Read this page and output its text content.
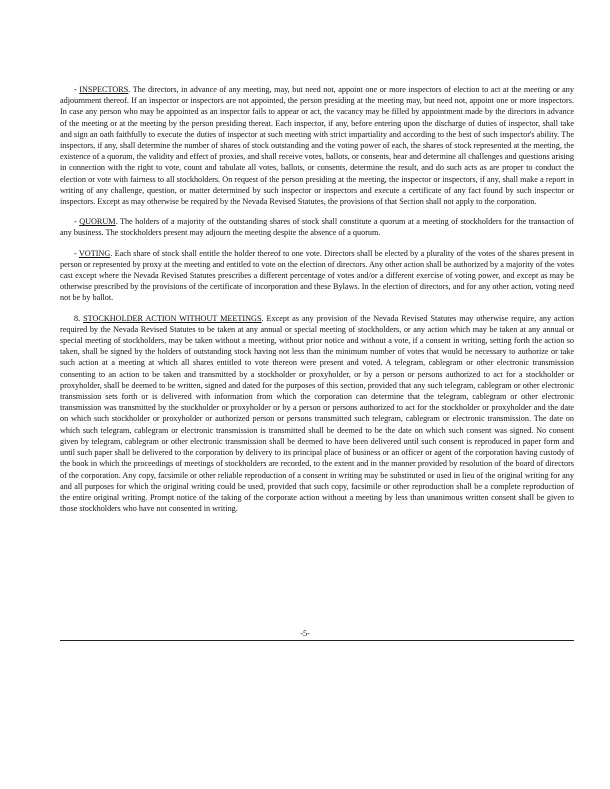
- INSPECTORS. The directors, in advance of any meeting, may, but need not, appoint one or more inspectors of election to act at the meeting or any adjournment thereof. If an inspector or inspectors are not appointed, the person presiding at the meeting may, but need not, appoint one or more inspectors. In case any person who may be appointed as an inspector fails to appear or act, the vacancy may be filled by appointment made by the directors in advance of the meeting or at the meeting by the person presiding thereat. Each inspector, if any, before entering upon the discharge of duties of inspector, shall take and sign an oath faithfully to execute the duties of inspector at such meeting with strict impartiality and according to the best of such inspector's ability. The inspectors, if any, shall determine the number of shares of stock outstanding and the voting power of each, the shares of stock represented at the meeting, the existence of a quorum, the validity and effect of proxies, and shall receive votes, ballots, or consents, hear and determine all challenges and questions arising in connection with the right to vote, count and tabulate all votes, ballots, or consents, determine the result, and do such acts as are proper to conduct the election or vote with fairness to all stockholders. On request of the person presiding at the meeting, the inspector or inspectors, if any, shall make a report in writing of any challenge, question, or matter determined by such inspector or inspectors and execute a certificate of any fact found by such inspector or inspectors. Except as may otherwise be required by the Nevada Revised Statutes, the provisions of that Section shall not apply to the corporation.

- QUORUM. The holders of a majority of the outstanding shares of stock shall constitute a quorum at a meeting of stockholders for the transaction of any business. The stockholders present may adjourn the meeting despite the absence of a quorum.

- VOTING. Each share of stock shall entitle the holder thereof to one vote. Directors shall be elected by a plurality of the votes of the shares present in person or represented by proxy at the meeting and entitled to vote on the election of directors. Any other action shall be authorized by a majority of the votes cast except where the Nevada Revised Statutes prescribes a different percentage of votes and/or a different exercise of voting power, and except as may be otherwise prescribed by the provisions of the certificate of incorporation and these Bylaws. In the election of directors, and for any other action, voting need not be by ballot.

8. STOCKHOLDER ACTION WITHOUT MEETINGS. Except as any provision of the Nevada Revised Statutes may otherwise require, any action required by the Nevada Revised Statutes to be taken at any annual or special meeting of stockholders, or any action which may be taken at any annual or special meeting of stockholders, may be taken without a meeting, without prior notice and without a vote, if a consent in writing, setting forth the action so taken, shall be signed by the holders of outstanding stock having not less than the minimum number of votes that would be necessary to authorize or take such action at a meeting at which all shares entitled to vote thereon were present and voted. A telegram, cablegram or other electronic transmission consenting to an action to be taken and transmitted by a stockholder or proxyholder, or by a person or persons authorized to act for a stockholder or proxyholder, shall be deemed to be written, signed and dated for the purposes of this section, provided that any such telegram, cablegram or other electronic transmission sets forth or is delivered with information from which the corporation can determine that the telegram, cablegram or other electronic transmission was transmitted by the stockholder or proxyholder or by a person or persons authorized to act for the stockholder or proxyholder and the date on which such stockholder or proxyholder or authorized person or persons transmitted such telegram, cablegram or electronic transmission. The date on which such telegram, cablegram or electronic transmission is transmitted shall be deemed to be the date on which such consent was signed. No consent given by telegram, cablegram or other electronic transmission shall be deemed to have been delivered until such consent is reproduced in paper form and until such paper shall be delivered to the corporation by delivery to its principal place of business or an officer or agent of the corporation having custody of the book in which the proceedings of meetings of stockholders are recorded, to the extent and in the manner provided by resolution of the board of directors of the corporation. Any copy, facsimile or other reliable reproduction of a consent in writing may be substituted or used in lieu of the original writing for any and all purposes for which the original writing could be used, provided that such copy, facsimile or other reproduction shall be a complete reproduction of the entire original writing. Prompt notice of the taking of the corporate action without a meeting by less than unanimous written consent shall be given to those stockholders who have not consented in writing.

-5-
